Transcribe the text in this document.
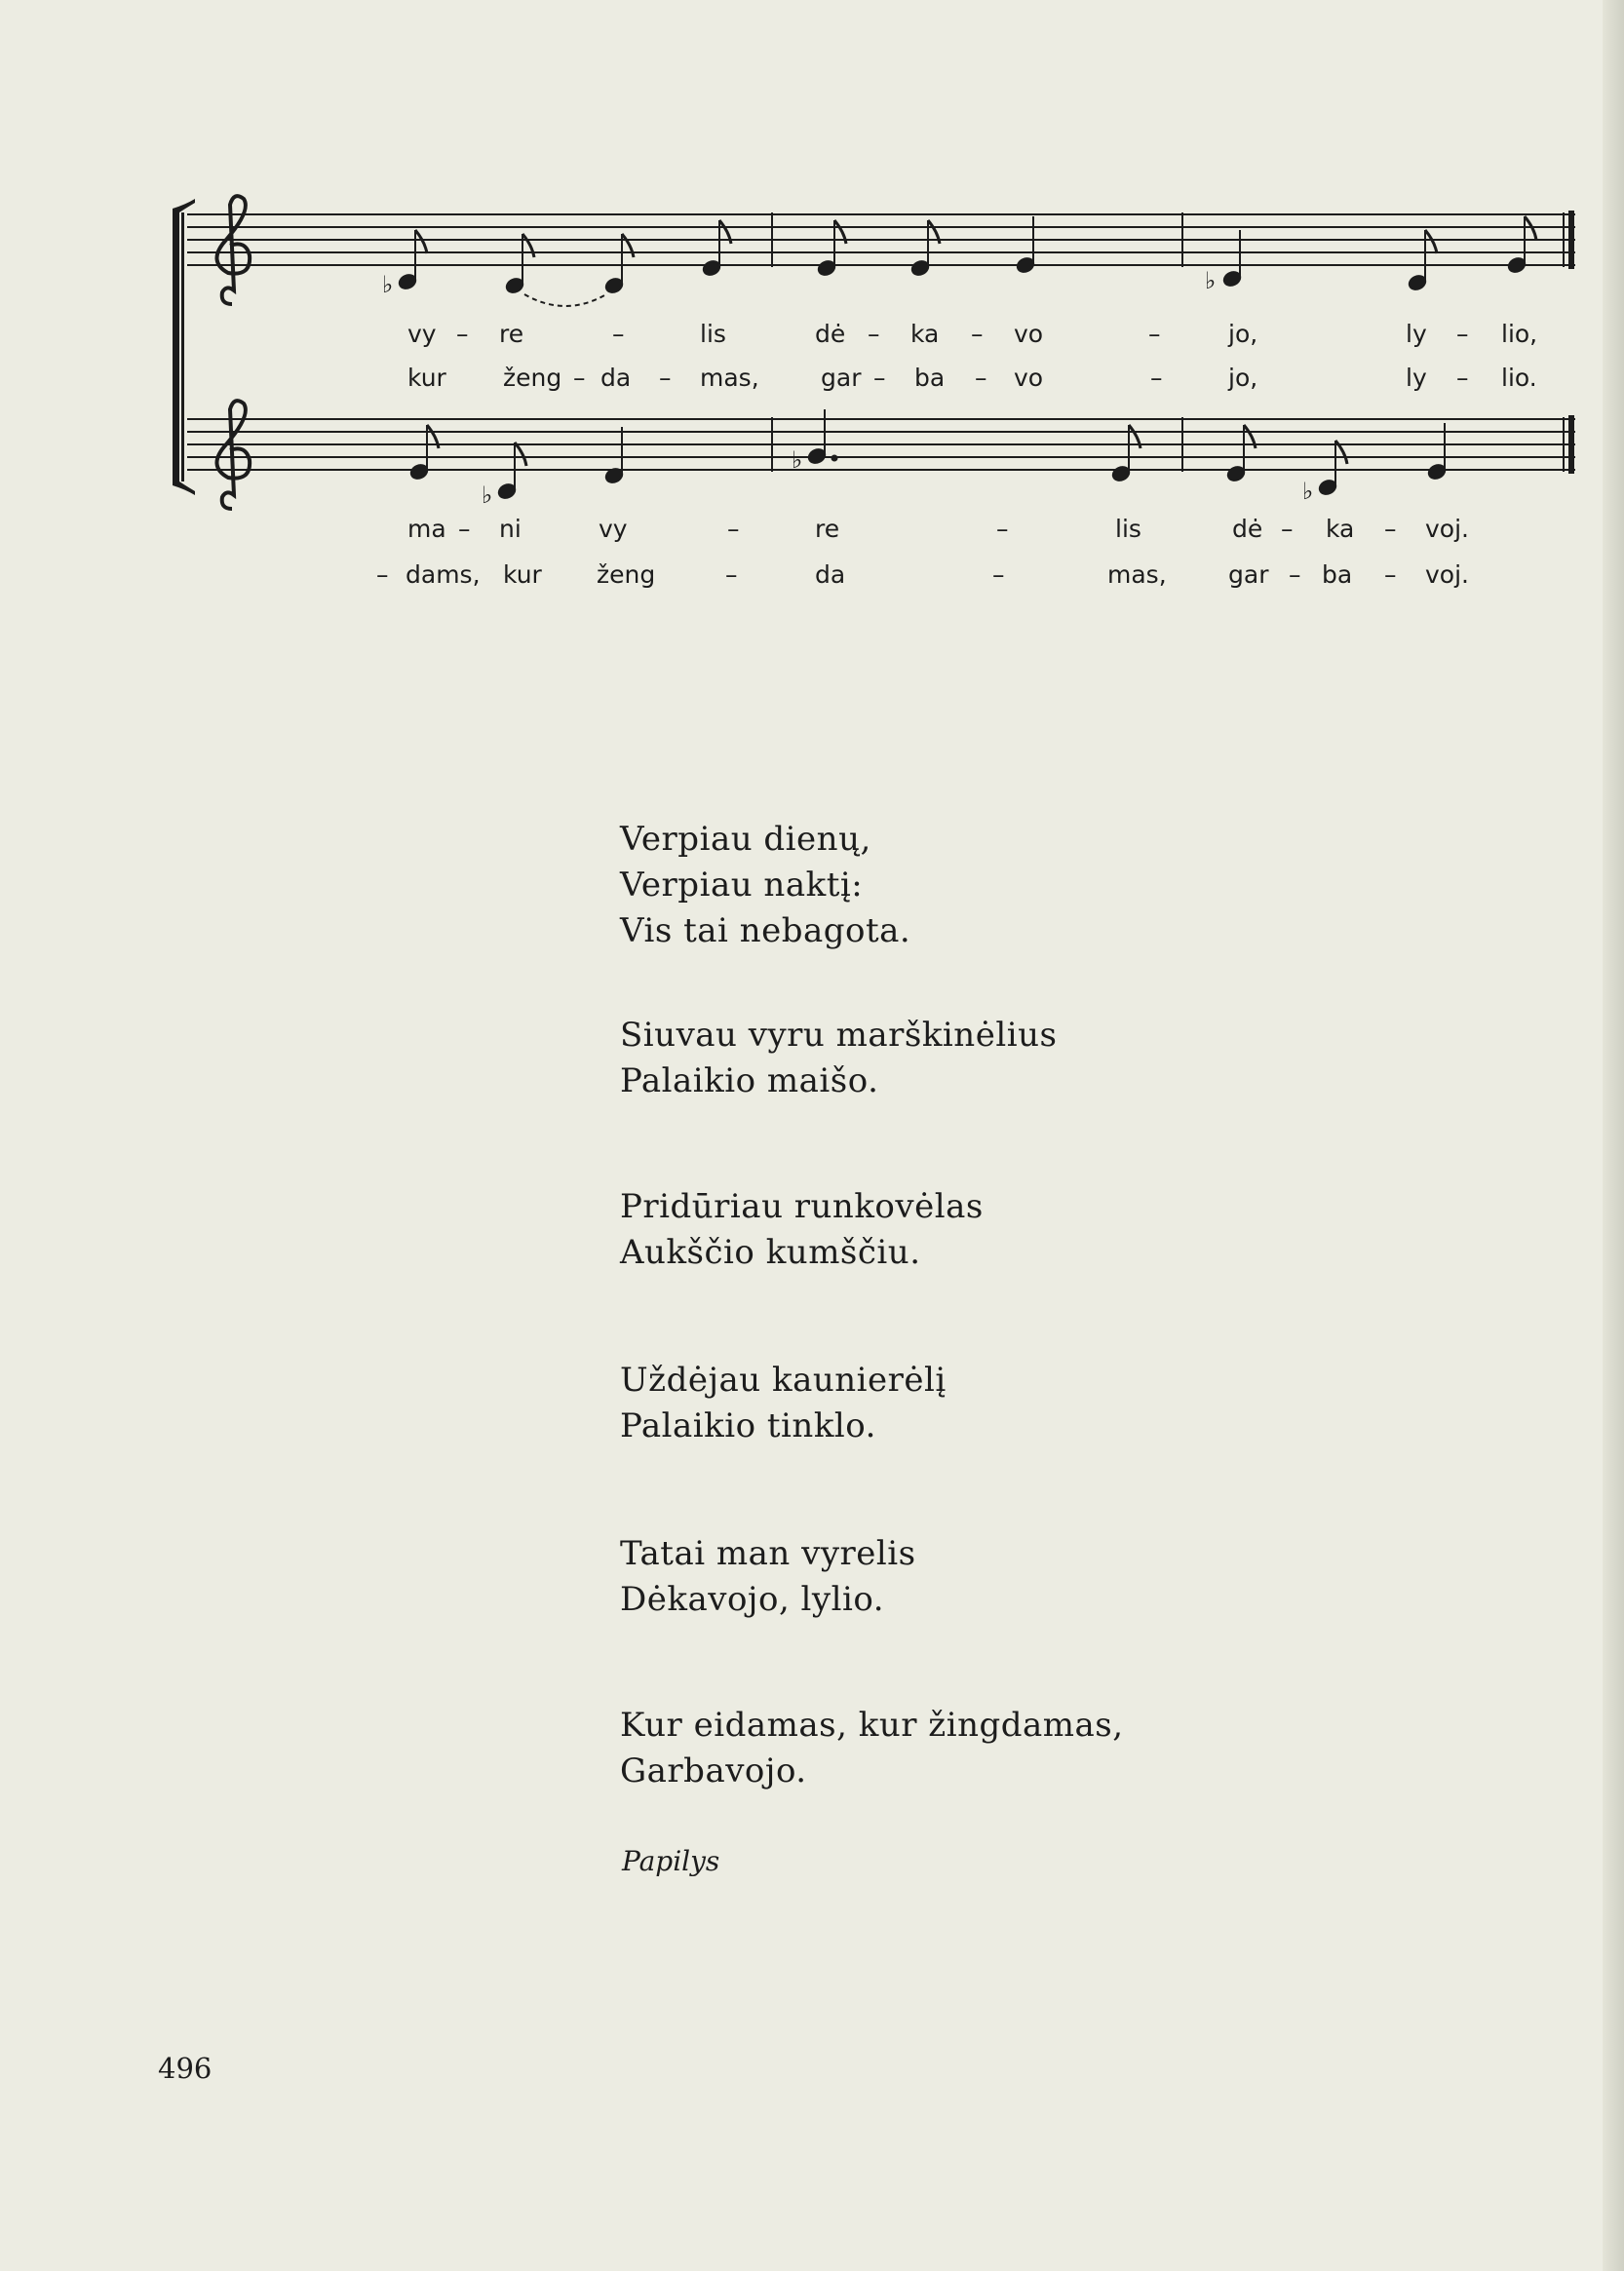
♭	♭
♭
♭
♭
vy – re	–	lis	dė – ka – vo	–	jo,	ly – lio,
kur ženg – da – mas,	gar – ba – vo	–	jo,	ly – lio.
ma – ni	vy	–	re	–	lis	dė – ka – voj.
– dams, kur ženg	–	da	–	mas,	gar – ba – voj.
Verpiau dienų,
Verpiau naktį:
Vis tai nebagota.
Siuvau vyru marškinėlius
Palaikio maišo.
Pridūriau runkovėlas
Aukščio kumščiu.
Uždėjau kaunierėlį
Palaikio tinklo.
Tatai man vyrelis
Dėkavojo, lylio.
Kur eidamas, kur žingdamas,
Garbavojo.
Papilys
496
